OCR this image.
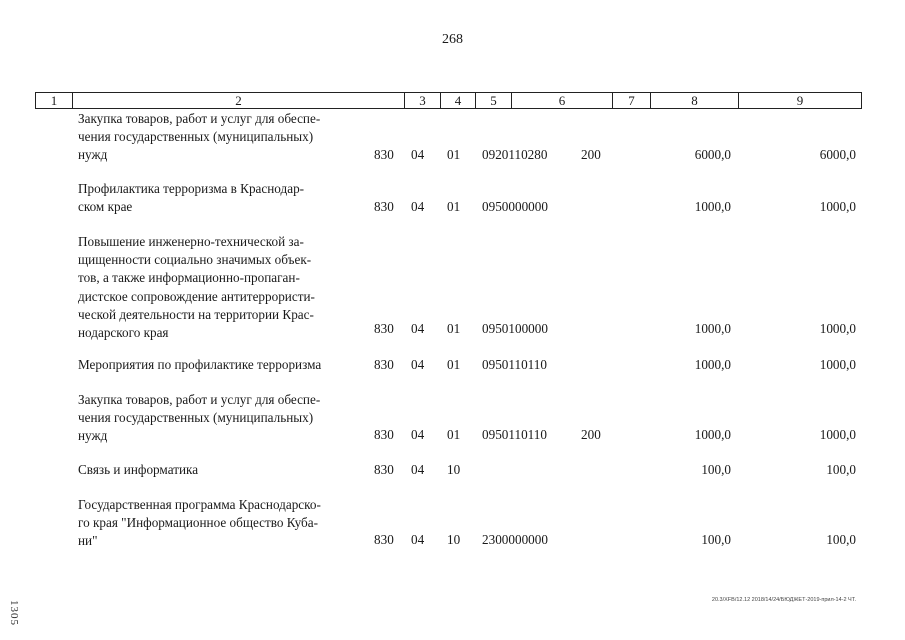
268
1	2	3	4	5	6	7	8	9
Закупка товаров, работ и услуг для обеспе-
чения государственных (муниципальных)
нужд	830 04 01 0920110280	200	6000,0	6000,0
Профилактика терроризма в Краснодар-
ском крае	830 04 01 0950000000	1000,0	1000,0
Повышение инженерно-технической за-
щищенности социально значимых объек-
тов, а также информационно-пропаган-
дистское сопровождение антитеррористи-
ческой деятельности на территории Крас-
нодарского края	830 04 01 0950100000	1000,0	1000,0
Мероприятия по профилактике терроризма	830 04 01 0950110110	1000,0	1000,0
Закупка товаров, работ и услуг для обеспе-
чения государственных (муниципальных)
нужд	830 04 01 0950110110	200	1000,0	1000,0
Связь и информатика	830 04 10	100,0	100,0
Государственная программа Краснодарско-
го края "Информационное общество Куба-
ни"	830 04 10 2300000000	100,0	100,0
20.3/XFB/12.12 2018/14/24/БЮДЖЕТ-2019-прил-14-2 ЧТ.
1305
